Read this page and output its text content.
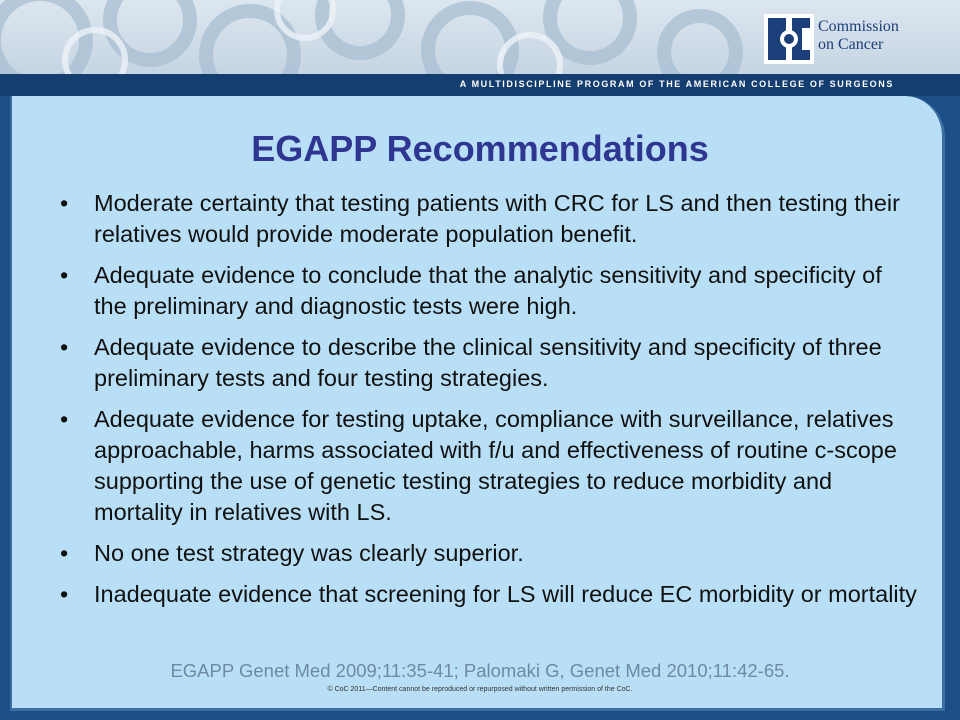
Commission
on Cancer
A MULTIDISCIPLINE PROGRAM OF THE AMERICAN COLLEGE OF SURGEONS
EGAPP Recommendations
• Moderate certainty that testing patients with CRC for LS and then testing their relatives would provide moderate population benefit.
• Adequate evidence to conclude that the analytic sensitivity and specificity of the preliminary and diagnostic tests were high.
• Adequate evidence to describe the clinical sensitivity and specificity of three preliminary tests and four testing strategies.
• Adequate evidence for testing uptake, compliance with surveillance, relatives approachable, harms associated with f/u and effectiveness of routine c-scope supporting the use of genetic testing strategies to reduce morbidity and mortality in relatives with LS.
• No one test strategy was clearly superior.
• Inadequate evidence that screening for LS will reduce EC morbidity or mortality
EGAPP Genet Med 2009;11:35-41; Palomaki G, Genet Med 2010;11:42-65.
© CoC 2011—Content cannot be reproduced or repurposed without written permission of the CoC.
